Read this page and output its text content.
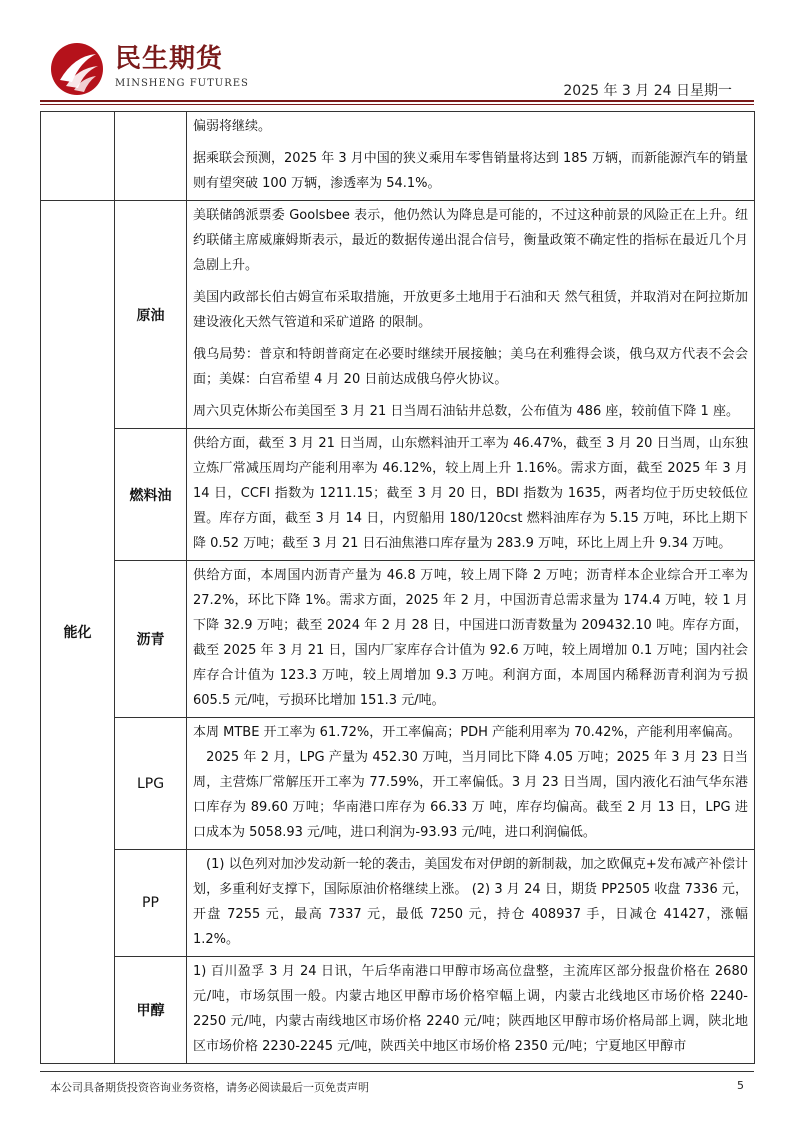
民生期货
MINSHENG FUTURES	2025 年 3 月 24 日星期一

		偏弱将继续。

据乘联会预测，2025 年 3 月中国的狭义乘用车零售销量将达到 185 万辆，而新能源汽车的销量则有望突破 100 万辆，渗透率为 54.1%。

能化	原油	美联储鸽派票委 Goolsbee 表示，他仍然认为降息是可能的，不过这种前景的风险正在上升。纽约联储主席威廉姆斯表示，最近的数据传递出混合信号，衡量政策不确定性的指标在最近几个月急剧上升。

美国内政部长伯古姆宣布采取措施，开放更多土地用于石油和天 然气租赁，并取消对在阿拉斯加建设液化天然气管道和采矿道路 的限制。

俄乌局势：普京和特朗普商定在必要时继续开展接触；美乌在利雅得会谈，俄乌双方代表不会会面；美媒：白宫希望 4 月 20 日前达成俄乌停火协议。

周六贝克休斯公布美国至 3 月 21 日当周石油钻井总数，公布值为 486 座，较前值下降 1 座。

	燃料油	供给方面，截至 3 月 21 日当周，山东燃料油开工率为 46.47%，截至 3 月 20 日当周，山东独立炼厂常减压周均产能利用率为 46.12%，较上周上升 1.16%。需求方面，截至 2025 年 3 月 14 日，CCFI 指数为 1211.15；截至 3 月 20 日，BDI 指数为 1635，两者均位于历史较低位置。库存方面，截至 3 月 14 日，内贸船用 180/120cst 燃料油库存为 5.15 万吨，环比上期下降 0.52 万吨；截至 3 月 21 日石油焦港口库存量为 283.9 万吨，环比上周上升 9.34 万吨。

	沥青	供给方面，本周国内沥青产量为 46.8 万吨，较上周下降 2 万吨；沥青样本企业综合开工率为 27.2%，环比下降 1%。需求方面，2025 年 2 月，中国沥青总需求量为 174.4 万吨，较 1 月下降 32.9 万吨；截至 2024 年 2 月 28 日，中国进口沥青数量为 209432.10 吨。库存方面，截至 2025 年 3 月 21 日，国内厂家库存合计值为 92.6 万吨，较上周增加 0.1 万吨；国内社会库存合计值为 123.3 万吨，较上周增加 9.3 万吨。利润方面，本周国内稀释沥青利润为亏损 605.5 元/吨，亏损环比增加 151.3 元/吨。

	LPG	本周 MTBE 开工率为 61.72%，开工率偏高；PDH 产能利用率为 70.42%，产能利用率偏高。

　2025 年 2 月，LPG 产量为 452.30 万吨，当月同比下降 4.05 万吨；2025 年 3 月 23 日当 周，主营炼厂常解压开工率为 77.59%，开工率偏低。3 月 23 日当周，国内液化石油气华东港口库存为 89.60 万吨；华南港口库存为 66.33 万 吨，库存均偏高。截至 2 月 13 日，LPG 进口成本为 5058.93 元/吨，进口利润为-93.93 元/吨，进口利润偏低。

	PP	　(1) 以色列对加沙发动新一轮的袭击，美国发布对伊朗的新制裁，加之欧佩克+发布减产补偿计划，多重利好支撑下，国际原油价格继续上涨。 (2) 3 月 24 日，期货 PP2505 收盘 7336 元，开盘 7255 元，最高 7337 元，最低 7250 元，持仓 408937 手，日减仓 41427，涨幅 1.2%。

	甲醇	1) 百川盈孚 3 月 24 日讯，午后华南港口甲醇市场高位盘整，主流库区部分报盘价格在 2680 元/吨，市场氛围一般。内蒙古地区甲醇市场价格窄幅上调，内蒙古北线地区市场价格 2240-2250 元/吨，内蒙古南线地区市场价格 2240 元/吨；陕西地区甲醇市场价格局部上调，陕北地区市场价格 2230-2245 元/吨，陕西关中地区市场价格 2350 元/吨；宁夏地区甲醇市

本公司具备期货投资咨询业务资格，请务必阅读最后一页免责声明	5
